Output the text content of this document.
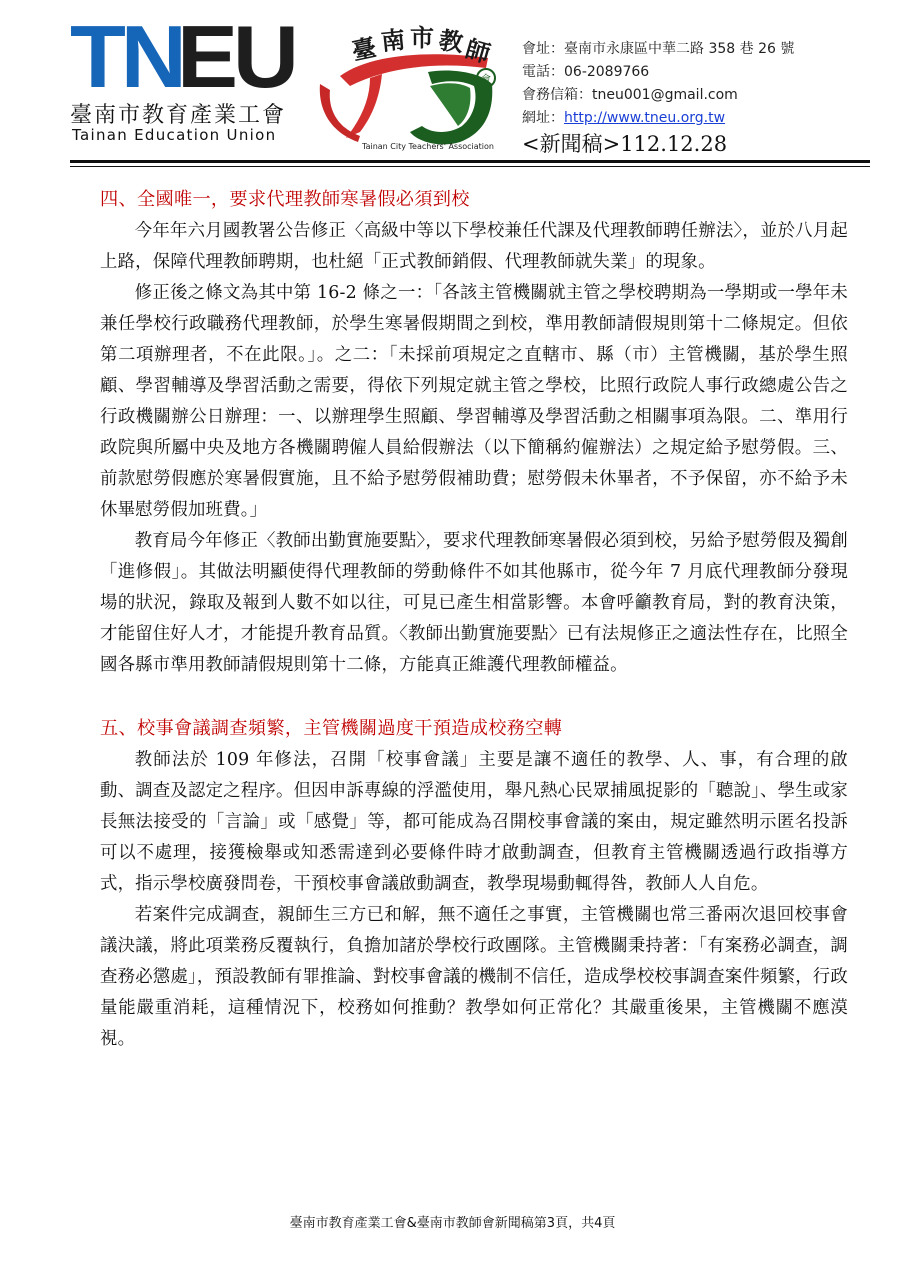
TN
EU
臺南市教育產業工會
Tainan Education Union
會
臺 南 市 教
師
Tainan City Teachers' Association
會址：臺南市永康區中華二路 358 巷 26 號
電話：06-2089766
會務信箱：tneu001@gmail.com
網址：http://www.tneu.org.tw
<新聞稿>112.12.28
四、全國唯一，要求代理教師寒暑假必須到校

今年年六月國教署公告修正〈高級中等以下學校兼任代課及代理教師聘任辦法〉，並於八月起上路，保障代理教師聘期，也杜絕「正式教師銷假、代理教師就失業」的現象。

修正後之條文為其中第 16-2 條之一：「各該主管機關就主管之學校聘期為一學期或一學年未兼任學校行政職務代理教師，於學生寒暑假期間之到校，準用教師請假規則第十二條規定。但依第二項辦理者，不在此限。」。之二：「未採前項規定之直轄市、縣（市）主管機關，基於學生照顧、學習輔導及學習活動之需要，得依下列規定就主管之學校，比照行政院人事行政總處公告之行政機關辦公日辦理：一、以辦理學生照顧、學習輔導及學習活動之相關事項為限。二、準用行政院與所屬中央及地方各機關聘僱人員給假辦法（以下簡稱約僱辦法）之規定給予慰勞假。三、前款慰勞假應於寒暑假實施，且不給予慰勞假補助費；慰勞假未休畢者，不予保留，亦不給予未休畢慰勞假加班費。」

教育局今年修正〈教師出勤實施要點〉，要求代理教師寒暑假必須到校，另給予慰勞假及獨創「進修假」。其做法明顯使得代理教師的勞動條件不如其他縣市，從今年 7 月底代理教師分發現場的狀況，錄取及報到人數不如以往，可見已產生相當影響。本會呼籲教育局，對的教育決策，才能留住好人才，才能提升教育品質。〈教師出勤實施要點〉已有法規修正之適法性存在，比照全國各縣市準用教師請假規則第十二條，方能真正維護代理教師權益。

五、校事會議調查頻繁，主管機關過度干預造成校務空轉

教師法於 109 年修法，召開「校事會議」主要是讓不適任的教學、人、事，有合理的啟動、調查及認定之程序。但因申訴專線的浮濫使用，舉凡熱心民眾捕風捉影的「聽說」、學生或家長無法接受的「言論」或「感覺」等，都可能成為召開校事會議的案由，規定雖然明示匿名投訴可以不處理，接獲檢舉或知悉需達到必要條件時才啟動調查，但教育主管機關透過行政指導方式，指示學校廣發問卷，干預校事會議啟動調查，教學現場動輒得咎，教師人人自危。

若案件完成調查，親師生三方已和解，無不適任之事實，主管機關也常三番兩次退回校事會議決議，將此項業務反覆執行，負擔加諸於學校行政團隊。主管機關秉持著：「有案務必調查，調查務必懲處」，預設教師有罪推論、對校事會議的機制不信任，造成學校校事調查案件頻繁，行政量能嚴重消耗，這種情況下，校務如何推動？教學如何正常化？其嚴重後果，主管機關不應漠視。

臺南市教育產業工會&臺南市教師會新聞稿第3頁，共4頁
